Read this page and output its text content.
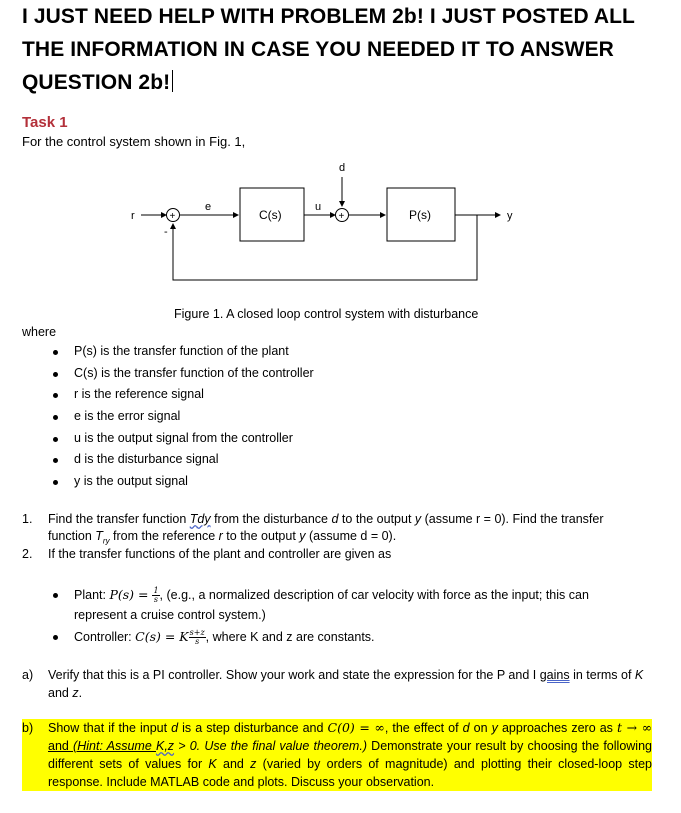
I JUST NEED HELP WITH PROBLEM 2b! I JUST POSTED ALL THE INFORMATION IN CASE YOU NEEDED IT TO ANSWER QUESTION 2b!
Task 1
For the control system shown in Fig. 1,
r	+
-
e
C(s)
u
d
+	P(s)	y
Figure 1. A closed loop control system with disturbance
where
P(s) is the transfer function of the plant
C(s) is the transfer function of the controller
r is the reference signal
e is the error signal
u is the output signal from the controller
d is the disturbance signal
y is the output signal
1. Find the transfer function Tdy from the disturbance d to the output y (assume r = 0). Find the transfer function $T_{ry}$ from the reference r to the output y (assume d = 0).
2. If the transfer functions of the plant and controller are given as
Plant: $P(s) = \frac{1}{s}$ , (e.g., a normalized description of car velocity with force as the input; this can represent a cruise control system.)
Controller: C(s) = K $\frac{s+z}{s}$ , where K and z are constants.
a) Verify that this is a PI controller. Show your work and state the expression for the P and I gains in terms of K and z.
b) Show that if the input d is a step disturbance and C(0) = ∞, the effect of d on y approaches zero as t → ∞ and (Hint: Assume K,z > 0. Use the final value theorem.) Demonstrate your result by choosing the following different sets of values for K and z (varied by orders of magnitude) and plotting their closed-loop step response. Include MATLAB code and plots. Discuss your observation.
